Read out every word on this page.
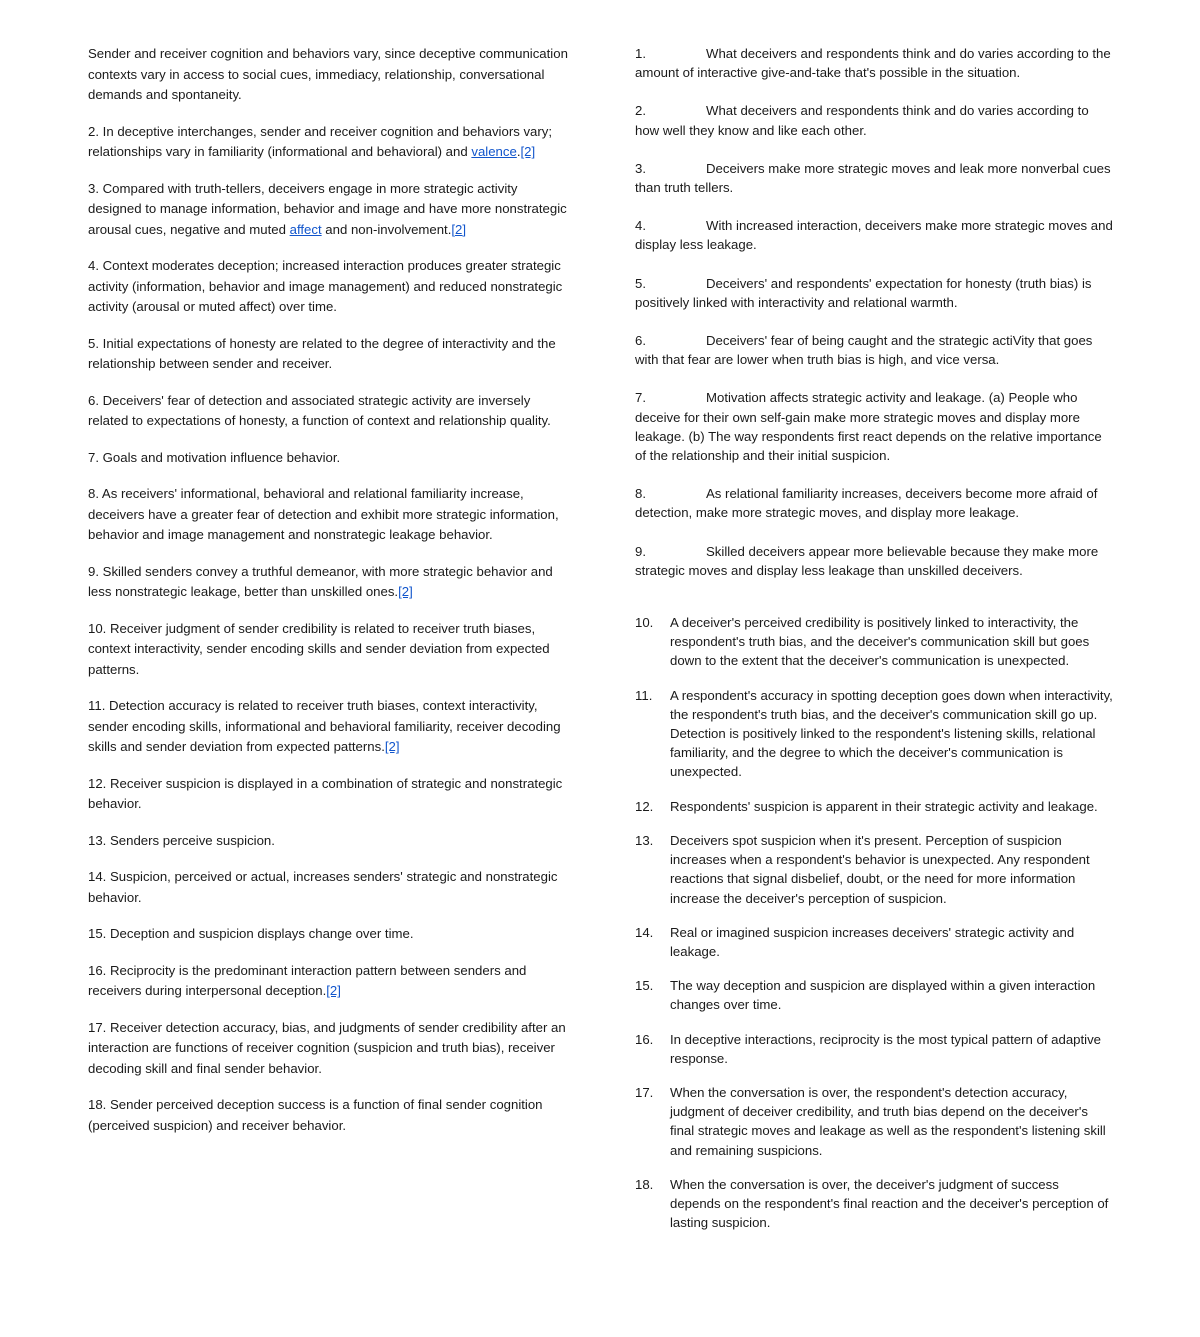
Sender and receiver cognition and behaviors vary, since deceptive communication contexts vary in access to social cues, immediacy, relationship, conversational demands and spontaneity.

2. In deceptive interchanges, sender and receiver cognition and behaviors vary; relationships vary in familiarity (informational and behavioral) and valence.[2]

3. Compared with truth-tellers, deceivers engage in more strategic activity designed to manage information, behavior and image and have more nonstrategic arousal cues, negative and muted affect and non-involvement.[2]

4. Context moderates deception; increased interaction produces greater strategic activity (information, behavior and image management) and reduced nonstrategic activity (arousal or muted affect) over time.

5. Initial expectations of honesty are related to the degree of interactivity and the relationship between sender and receiver.

6. Deceivers' fear of detection and associated strategic activity are inversely related to expectations of honesty, a function of context and relationship quality.

7. Goals and motivation influence behavior.

8. As receivers' informational, behavioral and relational familiarity increase, deceivers have a greater fear of detection and exhibit more strategic information, behavior and image management and nonstrategic leakage behavior.

9. Skilled senders convey a truthful demeanor, with more strategic behavior and less nonstrategic leakage, better than unskilled ones.[2]

10. Receiver judgment of sender credibility is related to receiver truth biases, context interactivity, sender encoding skills and sender deviation from expected patterns.

11. Detection accuracy is related to receiver truth biases, context interactivity, sender encoding skills, informational and behavioral familiarity, receiver decoding skills and sender deviation from expected patterns.[2]

12. Receiver suspicion is displayed in a combination of strategic and nonstrategic behavior.

13. Senders perceive suspicion.

14. Suspicion, perceived or actual, increases senders' strategic and nonstrategic behavior.

15. Deception and suspicion displays change over time.

16. Reciprocity is the predominant interaction pattern between senders and receivers during interpersonal deception.[2]

17. Receiver detection accuracy, bias, and judgments of sender credibility after an interaction are functions of receiver cognition (suspicion and truth bias), receiver decoding skill and final sender behavior.

18. Sender perceived deception success is a function of final sender cognition (perceived suspicion) and receiver behavior.

1.	What deceivers and respondents think and do varies according to the amount of interactive give-and-take that's possible in the situation.

2.	What deceivers and respondents think and do varies according to how well they know and like each other.

3.	Deceivers make more strategic moves and leak more nonverbal cues than truth tellers.

4.	With increased interaction, deceivers make more strategic moves and display less leakage.

5.	Deceivers' and respondents' expectation for honesty (truth bias) is positively linked with interactivity and relational warmth.

6.	Deceivers' fear of being caught and the strategic actiVity that goes with that fear are lower when truth bias is high, and vice versa.

7.	Motivation affects strategic activity and leakage. (a) People who deceive for their own self-gain make more strategic moves and display more leakage. (b) The way respondents first react depends on the relative importance of the relationship and their initial suspicion.

8.	As relational familiarity increases, deceivers become more afraid of detection, make more strategic moves, and display more leakage.

9.	Skilled deceivers appear more believable because they make more strategic moves and display less leakage than unskilled deceivers.

10.	A deceiver's perceived credibility is positively linked to interactivity, the respondent's truth bias, and the deceiver's communication skill but goes down to the extent that the deceiver's communication is unexpected.
11.	A respondent's accuracy in spotting deception goes down when interactivity, the respondent's truth bias, and the deceiver's communication skill go up. Detection is positively linked to the respondent's listening skills, relational familiarity, and the degree to which the deceiver's communication is unexpected.
12.	Respondents' suspicion is apparent in their strategic activity and leakage.
13.	Deceivers spot suspicion when it's present. Perception of suspicion increases when a respondent's behavior is unexpected. Any respondent reactions that signal disbelief, doubt, or the need for more information increase the deceiver's perception of suspicion.
14.	Real or imagined suspicion increases deceivers' strategic activity and leakage.
15.	The way deception and suspicion are displayed within a given interaction changes over time.
16.	In deceptive interactions, reciprocity is the most typical pattern of adaptive response.
17.	When the conversation is over, the respondent's detection accuracy, judgment of deceiver credibility, and truth bias depend on the deceiver's final strategic moves and leakage as well as the respondent's listening skill and remaining suspicions.
18.	When the conversation is over, the deceiver's judgment of success depends on the respondent's final reaction and the deceiver's perception of lasting suspicion.
